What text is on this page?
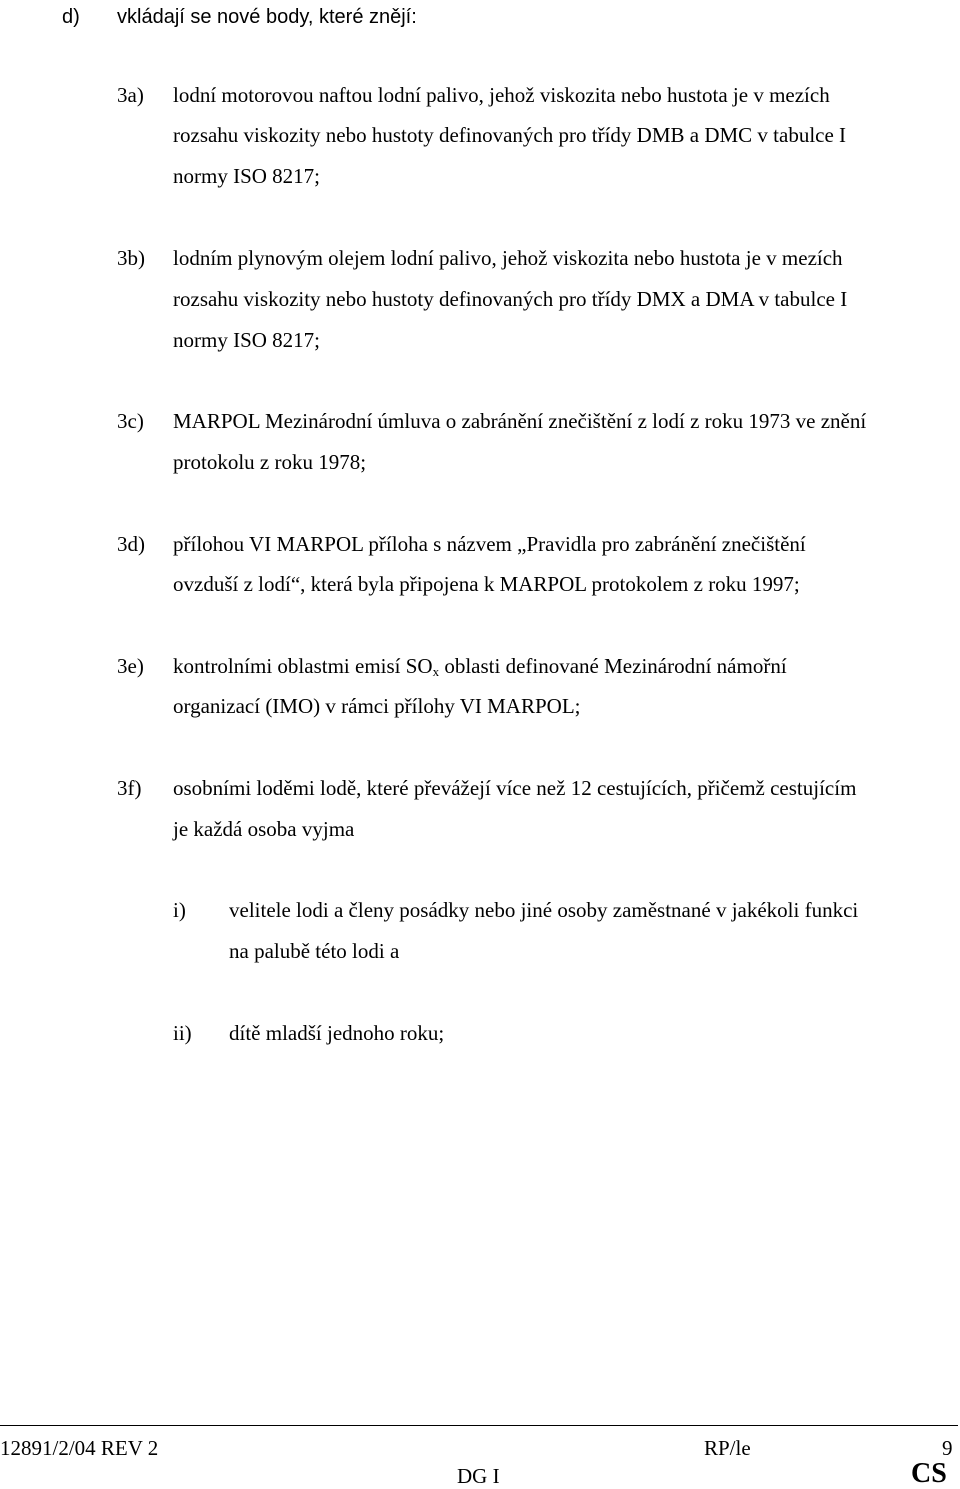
d) vkládají se nové body, které znějí:
3a) lodní motorovou naftou lodní palivo, jehož viskozita nebo hustota je v mezích
rozsahu viskozity nebo hustoty definovaných pro třídy DMB a DMC v tabulce I
normy ISO 8217;
3b) lodním plynovým olejem lodní palivo, jehož viskozita nebo hustota je v mezích
rozsahu viskozity nebo hustoty definovaných pro třídy DMX a DMA v tabulce I
normy ISO 8217;
3c) MARPOL Mezinárodní úmluva o zabránění znečištění z lodí z roku 1973 ve znění
protokolu z roku 1978;
3d) přílohou VI MARPOL příloha s názvem „Pravidla pro zabránění znečištění
ovzduší z lodí“, která byla připojena k MARPOL protokolem z roku 1997;
3e) kontrolními oblastmi emisí $SO_x$ oblasti definované Mezinárodní námořní
organizací (IMO) v rámci přílohy VI MARPOL;
3f) osobními loděmi lodě, které převážejí více než 12 cestujících, přičemž cestujícím
je každá osoba vyjma
i) velitele lodi a členy posádky nebo jiné osoby zaměstnané v jakékoli funkci
na palubě této lodi a
ii) dítě mladší jednoho roku;
12891/2/04 REV 2	RP/le	9
DG I	CS
